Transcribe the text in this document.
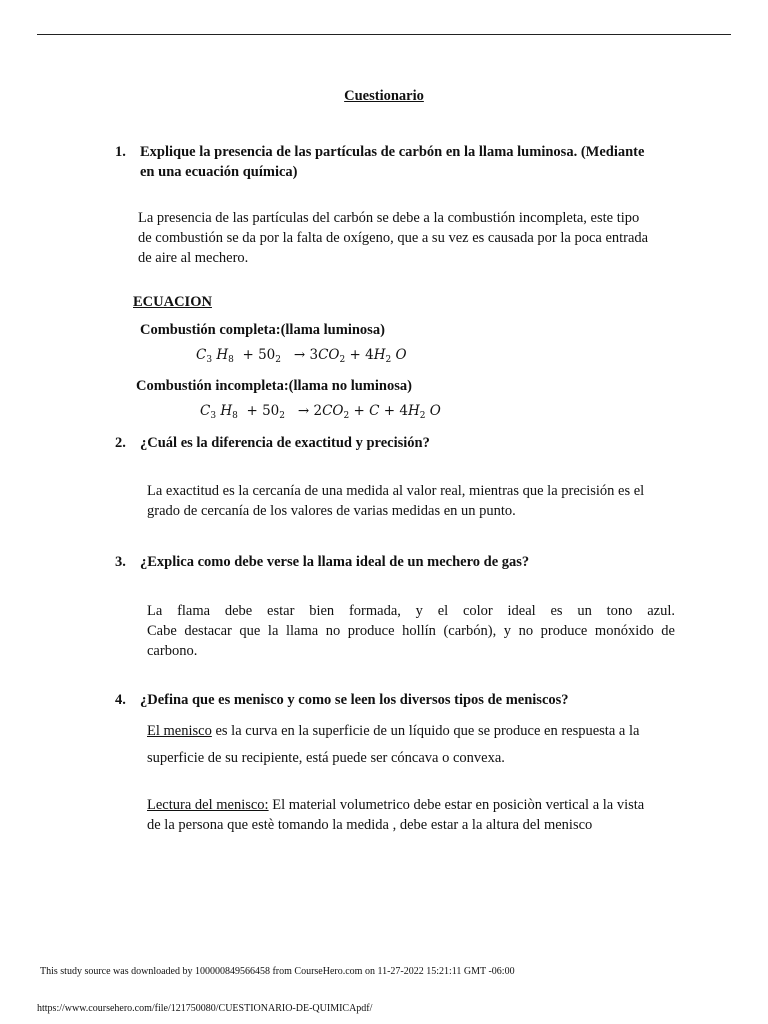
Cuestionario
1. Explique la presencia de las partículas de carbón en la llama luminosa. (Mediante
en una ecuación química)
La presencia de las partículas del carbón se debe a la combustión incompleta, este tipo
de combustión se da por la falta de oxígeno, que a su vez es causada por la poca entrada
de aire al mechero.
ECUACION
Combustión completa:(llama luminosa)
$C_3$ $H_8 + 50_2 \to 3CO_2 + 4H_2$ O
Combustión incompleta:(llama no luminosa)
$C_3$ $H_8 + 50_2 \to 2CO_2 + C + 4H_2$ O
2. ¿Cuál es la diferencia de exactitud y precisión?
La exactitud es la cercanía de una medida al valor real, mientras que la precisión es el
grado de cercanía de los valores de varias medidas en un punto.
3. ¿Explica como debe verse la llama ideal de un mechero de gas?
La flama debe estar bien formada, y el color ideal es un tono azul.
Cabe destacar que la llama no produce hollín (carbón), y no produce monóxido de
carbono.
4. ¿Defina que es menisco y como se leen los diversos tipos de meniscos?
El menisco es la curva en la superficie de un líquido que se produce en respuesta a la
superficie de su recipiente, está puede ser cóncava o convexa.
Lectura del menisco: El material volumetrico debe estar en posiciòn vertical a la vista
de la persona que estè tomando la medida , debe estar a la altura del menisco
This study source was downloaded by 100000849566458 from CourseHero.com on 11-27-2022 15:21:11 GMT -06:00
https://www.coursehero.com/file/121750080/CUESTIONARIO-DE-QUIMICApdf/
